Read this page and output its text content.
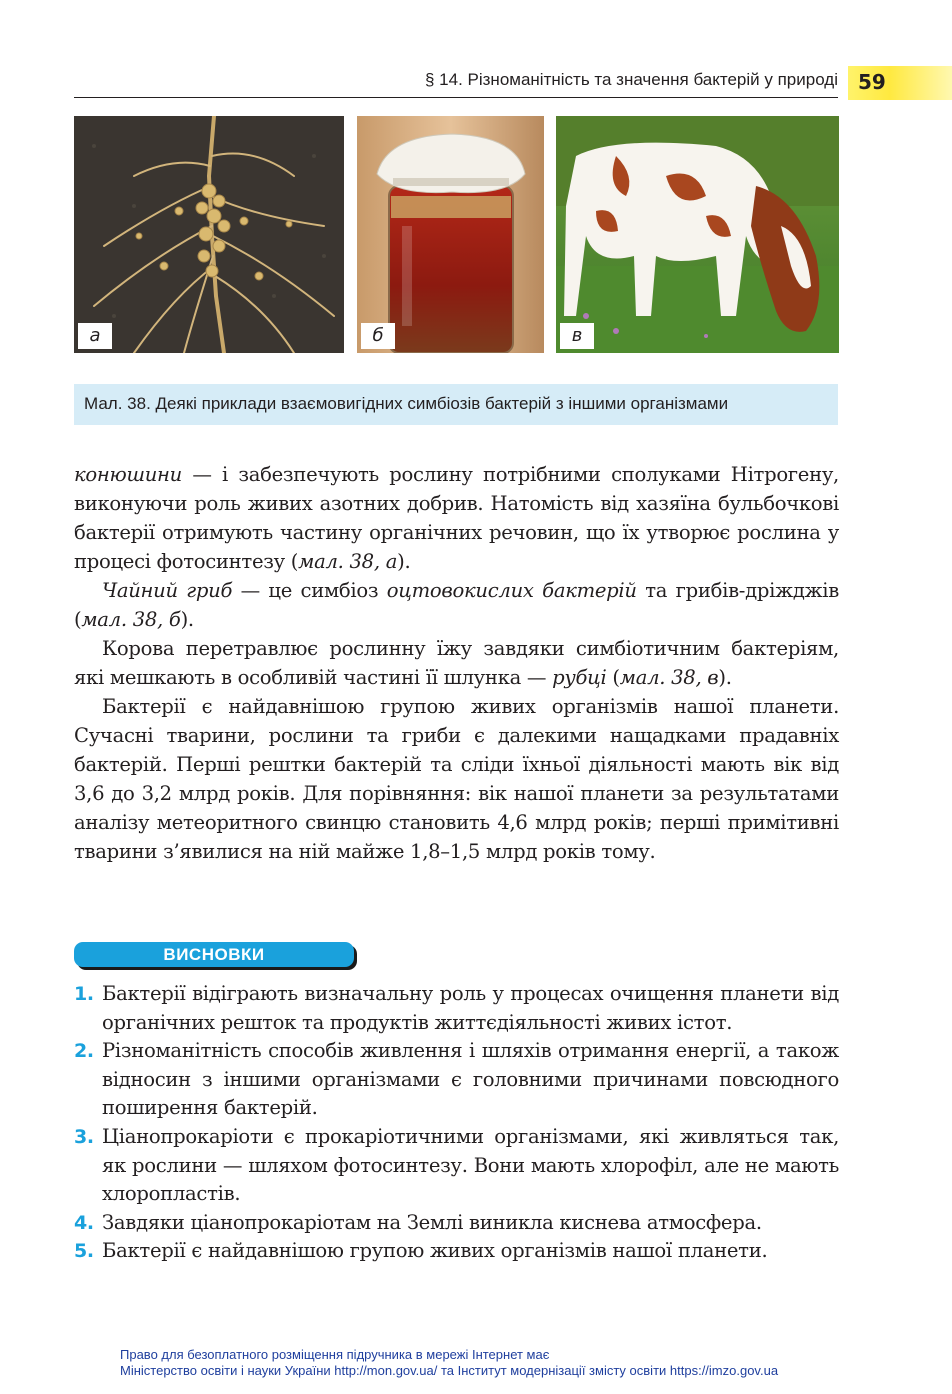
§ 14. Різноманітність та значення бактерій у природі 59
а	б	в
Мал. 38. Деякі приклади взаємовигідних симбіозів бактерій з іншими організмами

конюшини — і забезпечують рослину потрібними сполуками Нітрогену, виконуючи роль живих азотних добрив. Натомість від хазяїна бульбочкові бактерії отримують частину органічних речовин, що їх утворює рослина у процесі фотосинтезу (мал. 38, а).

Чайний гриб — це симбіоз оцтовокислих бактерій та грибів-дріжджів (мал. 38, б).

Корова перетравлює рослинну їжу завдяки симбіотичним бактеріям, які мешкають в особливій частині її шлунка — рубці (мал. 38, в).

Бактерії є найдавнішою групою живих організмів нашої планети. Сучасні тварини, рослини та гриби є далекими нащадками прадавніх бактерій. Перші рештки бактерій та сліди їхньої діяльності мають вік від 3,6 до 3,2 млрд років. Для порівняння: вік нашої планети за результатами аналізу метеоритного свинцю становить 4,6 млрд років; перші примітивні тварини з’явилися на ній майже 1,8–1,5 млрд років тому.

ВИСНОВКИ
1. Бактерії відіграють визначальну роль у процесах очищення планети від органічних решток та продуктів життєдіяльності живих істот.
2. Різноманітність способів живлення і шляхів отримання енергії, а також відносин з іншими організмами є головними причинами повсюдного поширення бактерій.
3. Ціанопрокаріоти є прокаріотичними організмами, які живляться так, як рослини — шляхом фотосинтезу. Вони мають хлорофіл, але не мають хлоропластів.
4. Завдяки ціанопрокаріотам на Землі виникла киснева атмосфера.
5. Бактерії є найдавнішою групою живих організмів нашої планети.
Право для безоплатного розміщення підручника в мережі Інтернет має
Міністерство освіти і науки України http://mon.gov.ua/ та Інститут модернізації змісту освіти https://imzo.gov.ua
